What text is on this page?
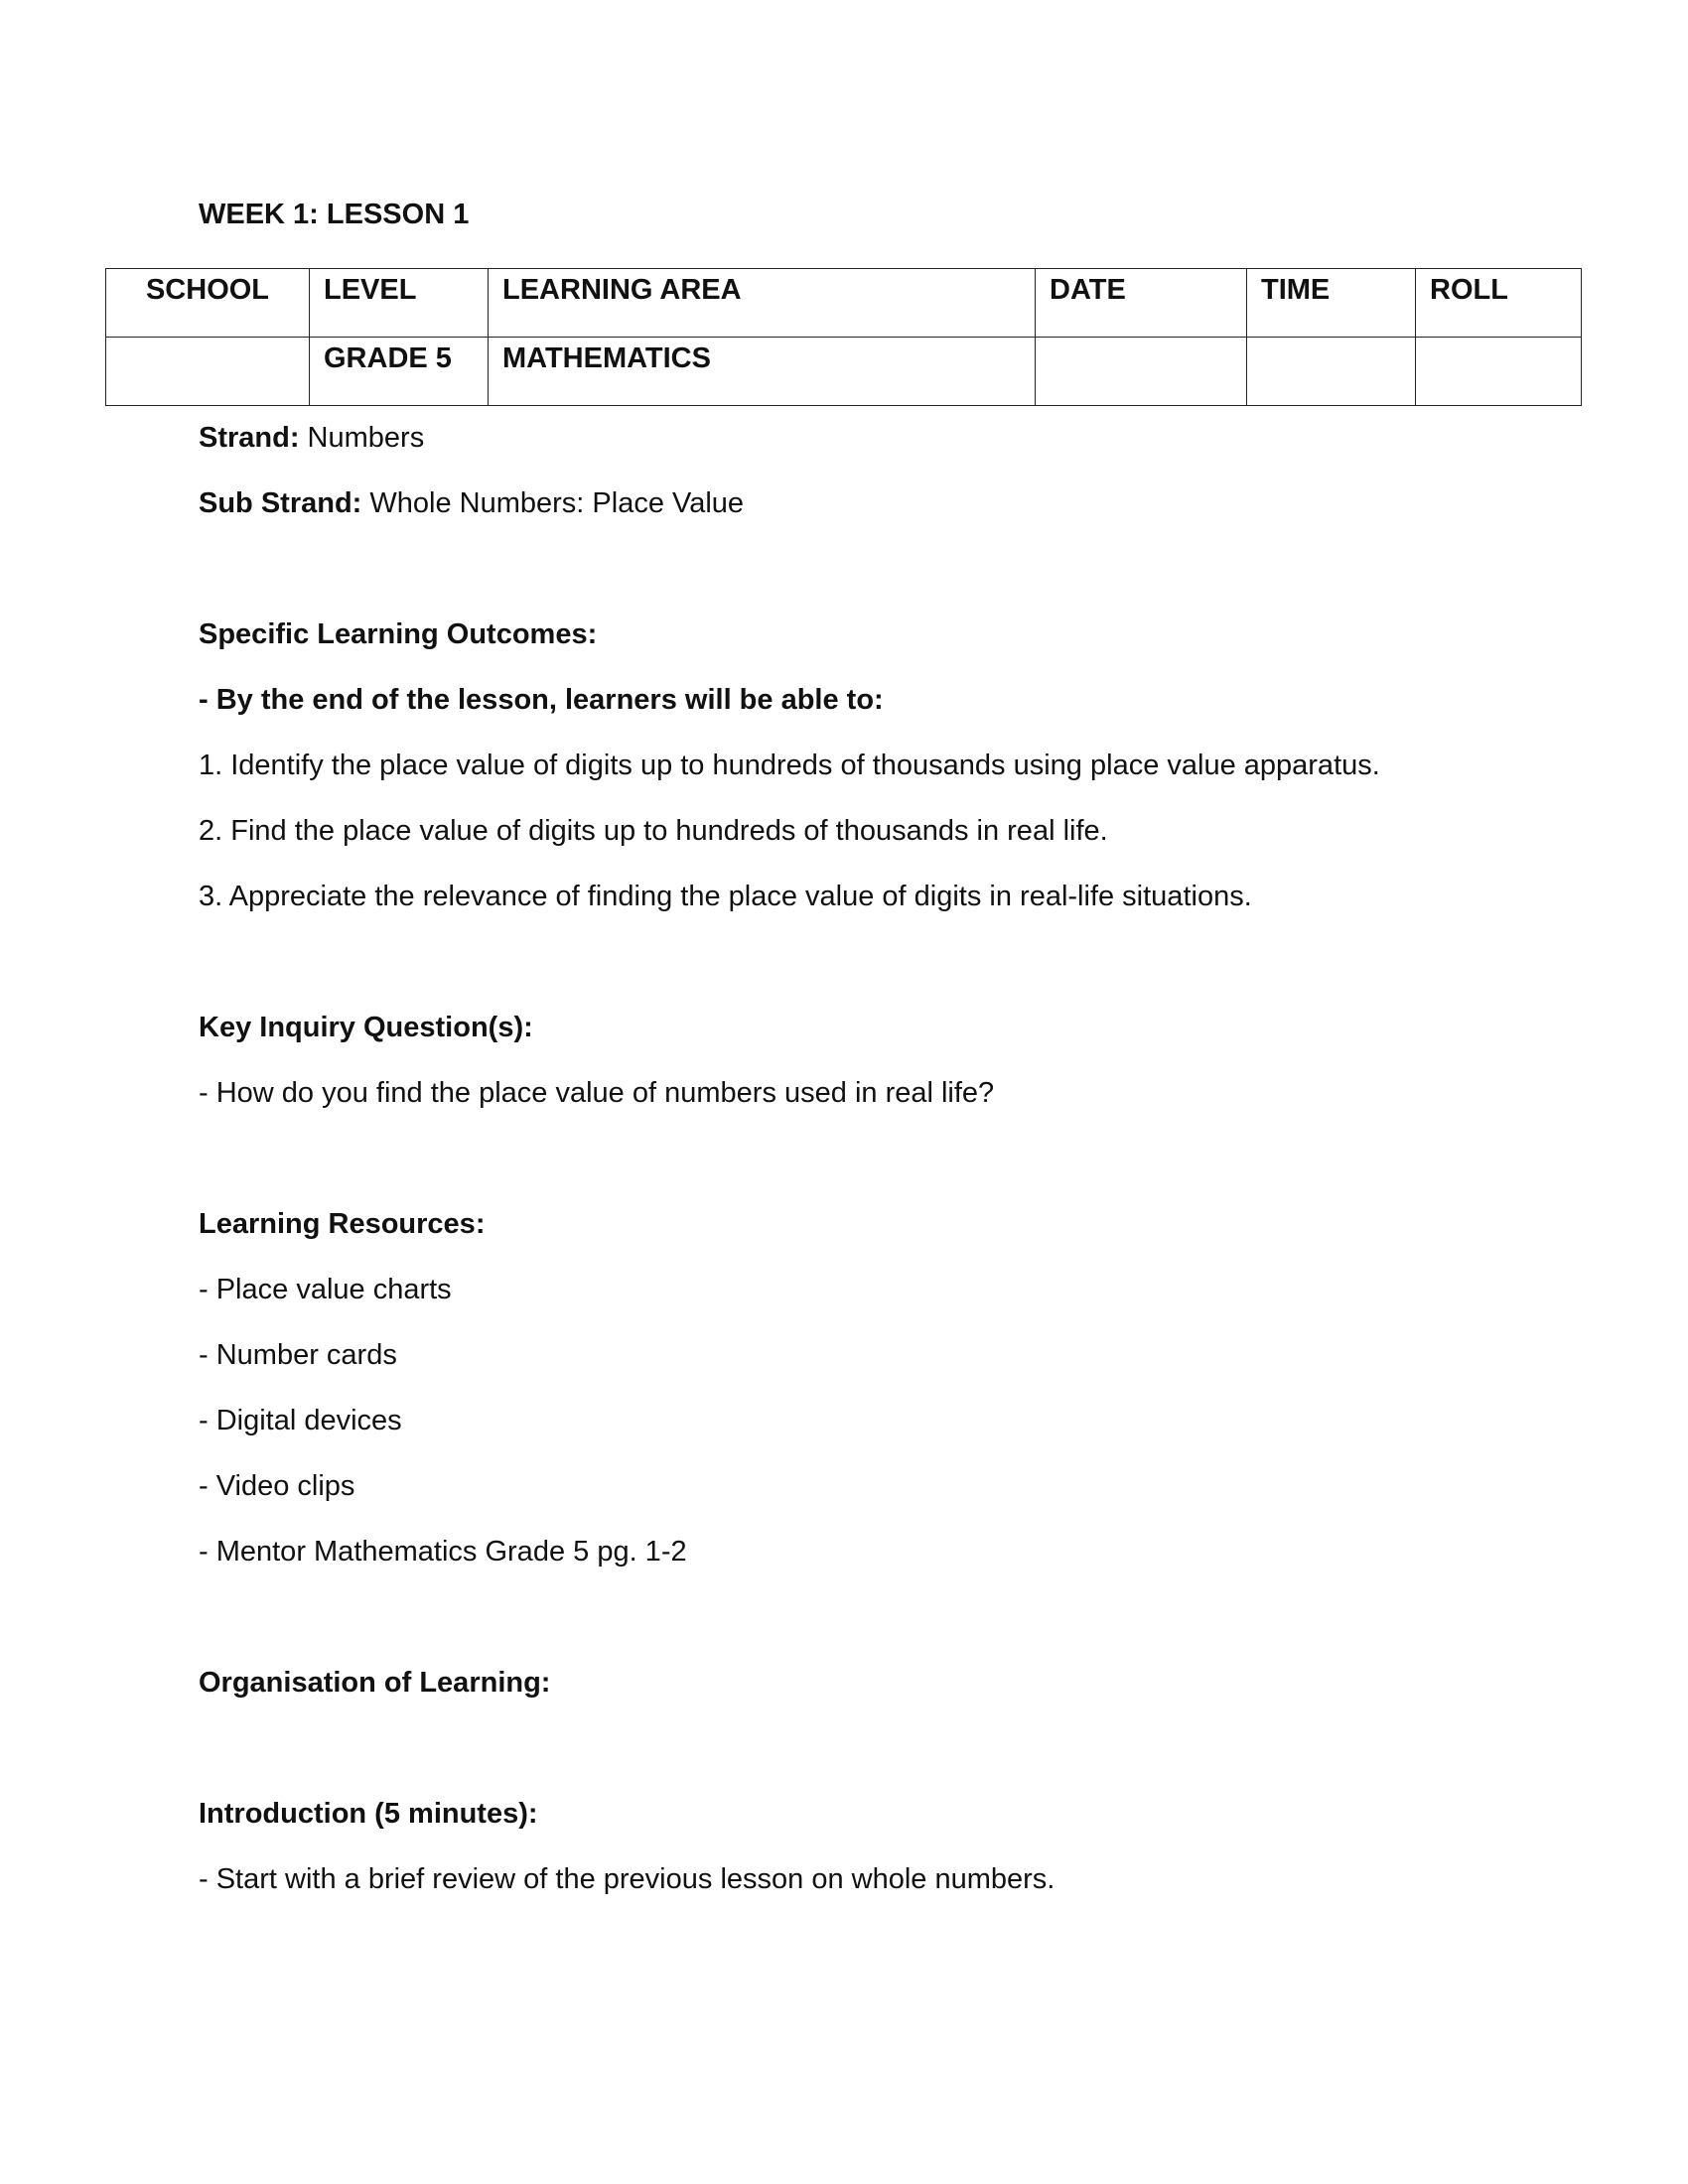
WEEK 1: LESSON 1

SCHOOL	LEVEL	LEARNING AREA	DATE	TIME	ROLL
	GRADE 5	MATHEMATICS			

Strand: Numbers

Sub Strand: Whole Numbers: Place Value

Specific Learning Outcomes:

- By the end of the lesson, learners will be able to:

1. Identify the place value of digits up to hundreds of thousands using place value apparatus.

2. Find the place value of digits up to hundreds of thousands in real life.

3. Appreciate the relevance of finding the place value of digits in real-life situations.

Key Inquiry Question(s):

- How do you find the place value of numbers used in real life?

Learning Resources:

- Place value charts

- Number cards

- Digital devices

- Video clips

- Mentor Mathematics Grade 5 pg. 1-2

Organisation of Learning:

Introduction (5 minutes):

- Start with a brief review of the previous lesson on whole numbers.
